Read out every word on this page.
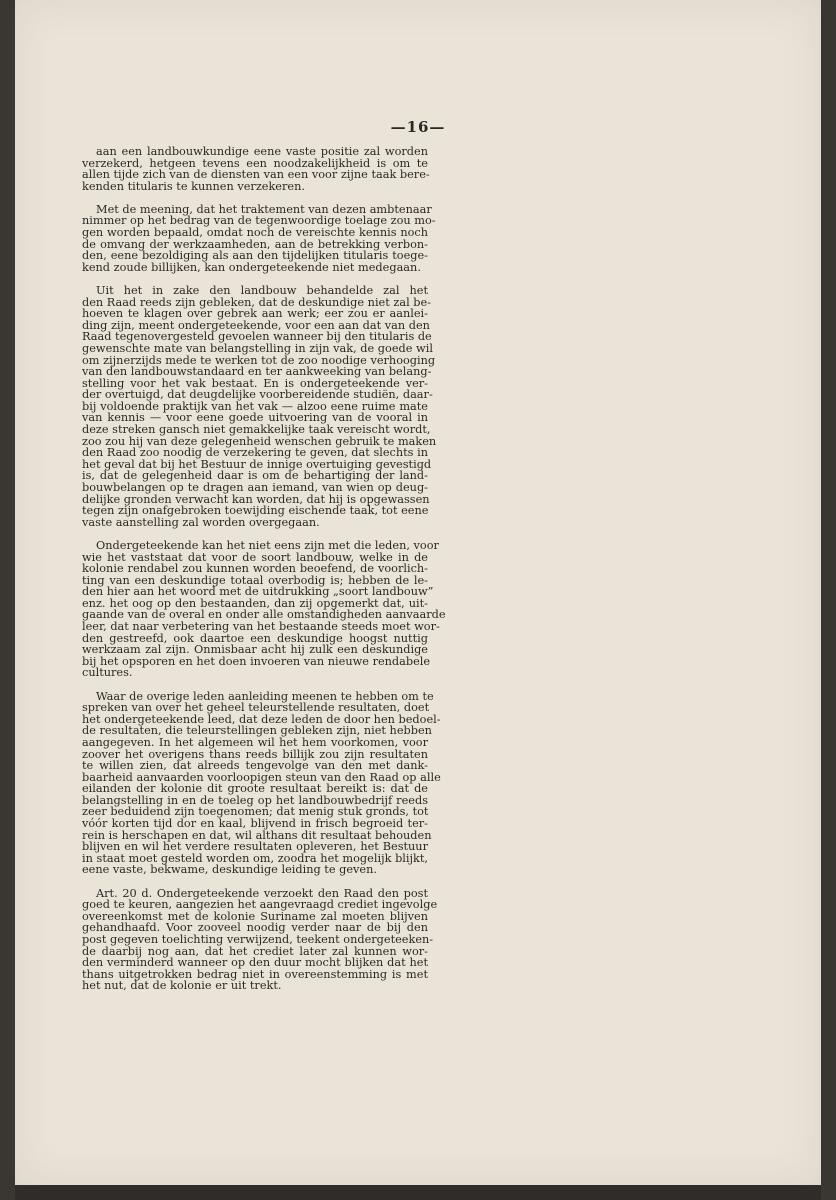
—16—
aan een landbouwkundige eene vaste positie zal worden
verzekerd, hetgeen tevens een noodzakelijkheid is om te
allen tijde zich van de diensten van een voor zijne taak bere-
kenden titularis te kunnen verzekeren.
Met de meening, dat het traktement van dezen ambtenaar
nimmer op het bedrag van de tegenwoordige toelage zou mo-
gen worden bepaald, omdat noch de vereischte kennis noch
de omvang der werkzaamheden, aan de betrekking verbon-
den, eene bezoldiging als aan den tijdelijken titularis toege-
kend zoude billijken, kan ondergeteekende niet medegaan.
Uit het in zake den landbouw behandelde zal het
den Raad reeds zijn gebleken, dat de deskundige niet zal be-
hoeven te klagen over gebrek aan werk; eer zou er aanlei-
ding zijn, meent ondergeteekende, voor een aan dat van den
Raad tegenovergesteld gevoelen wanneer bij den titularis de
gewenschte mate van belangstelling in zijn vak, de goede wil
om zijnerzijds mede te werken tot de zoo noodige verhooging
van den landbouwstandaard en ter aankweeking van belang-
stelling voor het vak bestaat. En is ondergeteekende ver-
der overtuigd, dat deugdelijke voorbereidende studiën, daar-
bij voldoende praktijk van het vak — alzoo eene ruime mate
van kennis — voor eene goede uitvoering van de vooral in
deze streken gansch niet gemakkelijke taak vereischt wordt,
zoo zou hij van deze gelegenheid wenschen gebruik te maken
den Raad zoo noodig de verzekering te geven, dat slechts in
het geval dat bij het Bestuur de innige overtuiging gevestigd
is, dat de gelegenheid daar is om de behartiging der land-
bouwbelangen op te dragen aan iemand, van wien op deug-
delijke gronden verwacht kan worden, dat hij is opgewassen
tegen zijn onafgebroken toewijding eischende taak, tot eene
vaste aanstelling zal worden overgegaan.
Ondergeteekende kan het niet eens zijn met die leden, voor
wie het vaststaat dat voor de soort landbouw, welke in de
kolonie rendabel zou kunnen worden beoefend, de voorlich-
ting van een deskundige totaal overbodig is; hebben de le-
den hier aan het woord met de uitdrukking „soort landbouw”
enz. het oog op den bestaanden, dan zij opgemerkt dat, uit-
gaande van de overal en onder alle omstandigheden aanvaarde
leer, dat naar verbetering van het bestaande steeds moet wor-
den gestreefd, ook daartoe een deskundige hoogst nuttig
werkzaam zal zijn. Onmisbaar acht hij zulk een deskundige
bij het opsporen en het doen invoeren van nieuwe rendabele
cultures.
Waar de overige leden aanleiding meenen te hebben om te
spreken van over het geheel teleurstellende resultaten, doet
het ondergeteekende leed, dat deze leden de door hen bedoel-
de resultaten, die teleurstellingen gebleken zijn, niet hebben
aangegeven. In het algemeen wil het hem voorkomen, voor
zoover het overigens thans reeds billijk zou zijn resultaten
te willen zien, dat alreeds tengevolge van den met dank-
baarheid aanvaarden voorloopigen steun van den Raad op alle
eilanden der kolonie dit groote resultaat bereikt is: dat de
belangstelling in en de toeleg op het landbouwbedrijf reeds
zeer beduidend zijn toegenomen; dat menig stuk gronds, tot
vóór korten tijd dor en kaal, blijvend in frisch begroeid ter-
rein is herschapen en dat, wil althans dit resultaat behouden
blijven en wil het verdere resultaten opleveren, het Bestuur
in staat moet gesteld worden om, zoodra het mogelijk blijkt,
eene vaste, bekwame, deskundige leiding te geven.
Art. 20 d. Ondergeteekende verzoekt den Raad den post
goed te keuren, aangezien het aangevraagd crediet ingevolge
overeenkomst met de kolonie Suriname zal moeten blijven
gehandhaafd. Voor zooveel noodig verder naar de bij den
post gegeven toelichting verwijzend, teekent ondergeteeken-
de daarbij nog aan, dat het crediet later zal kunnen wor-
den verminderd wanneer op den duur mocht blijken dat het
thans uitgetrokken bedrag niet in overeenstemming is met
het nut, dat de kolonie er uit trekt.
